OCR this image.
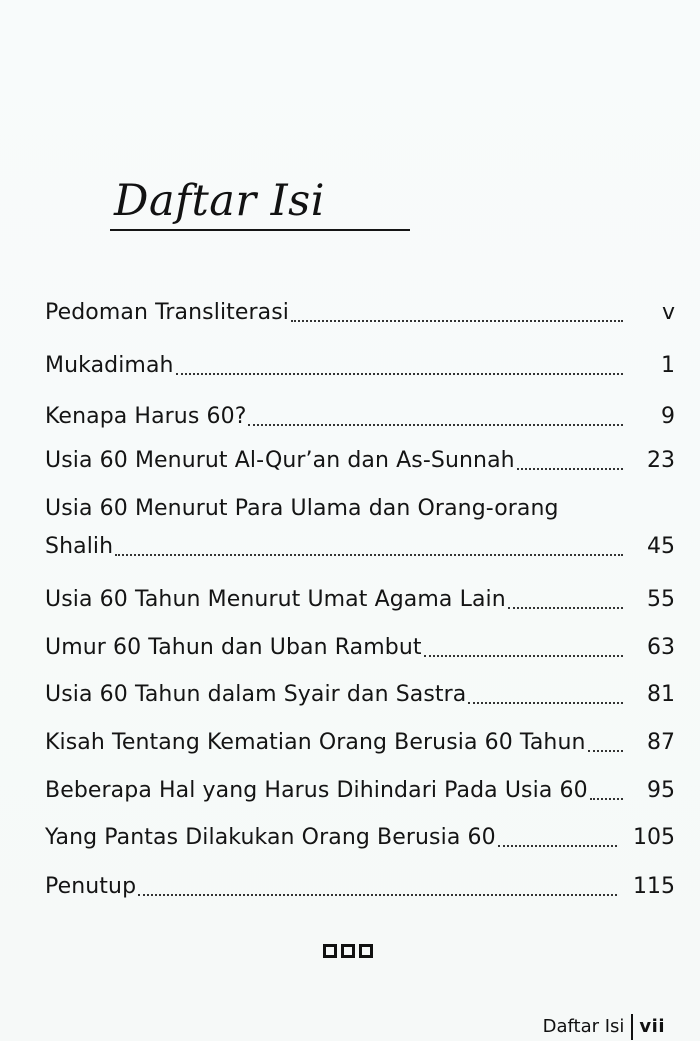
Daftar Isi
Pedoman Transliterasi	v
Mukadimah	1
Kenapa Harus 60?	9
Usia 60 Menurut Al-Qur’an dan As-Sunnah	23
Usia 60 Menurut Para Ulama dan Orang-orang
Shalih	45
Usia 60 Tahun Menurut Umat Agama Lain	55
Umur 60 Tahun dan Uban Rambut	63
Usia 60 Tahun dalam Syair dan Sastra	81
Kisah Tentang Kematian Orang Berusia 60 Tahun	87
Beberapa Hal yang Harus Dihindari Pada Usia 60	95
Yang Pantas Dilakukan Orang Berusia 60	105
Penutup	115
Daftar Isi vii
